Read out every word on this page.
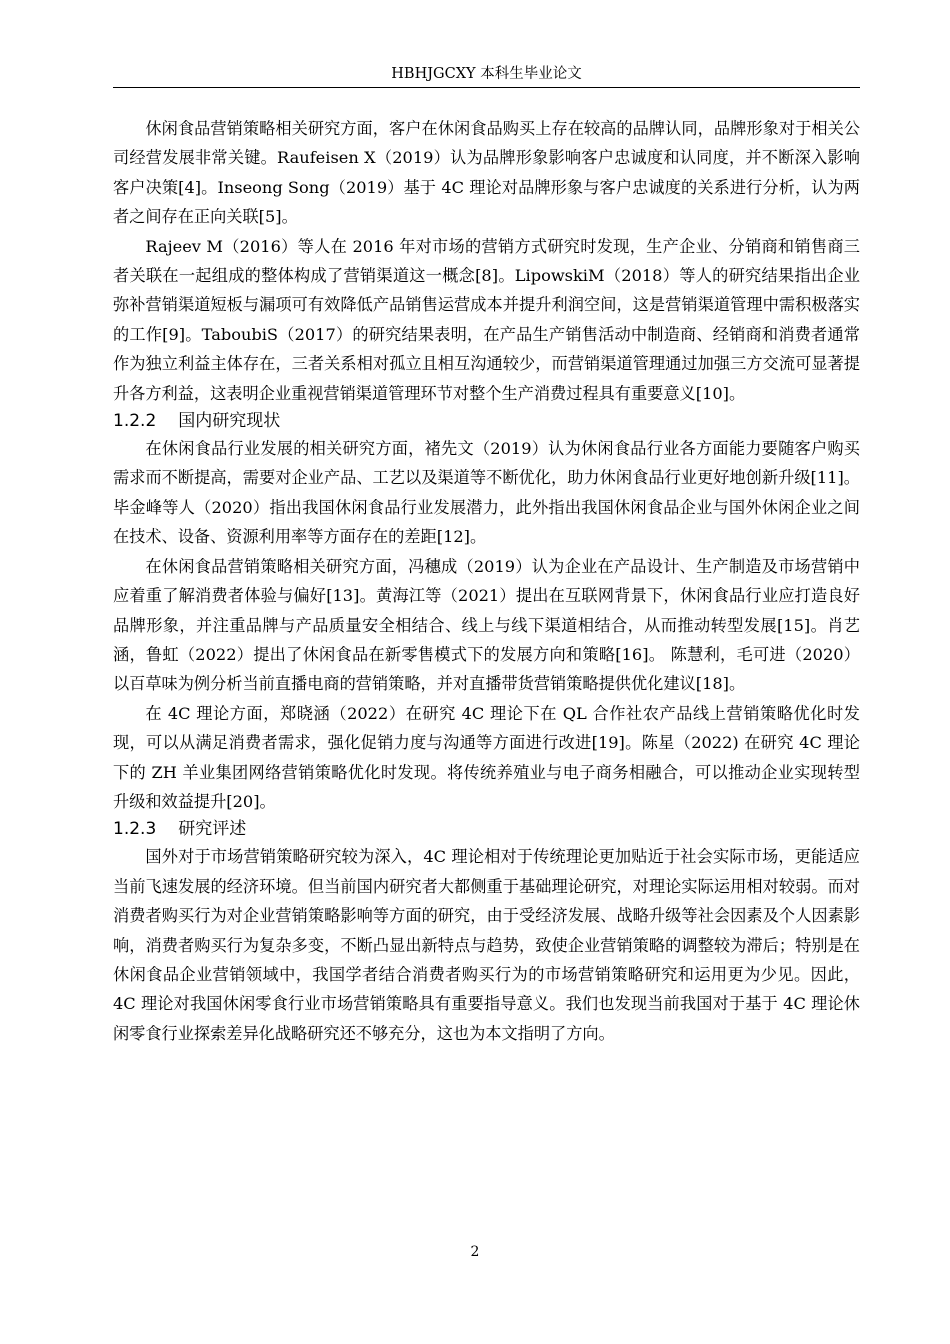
HBHJGCXY 本科生毕业论文

休闲食品营销策略相关研究方面，客户在休闲食品购买上存在较高的品牌认同，品牌形象对于相关公司经营发展非常关键。Raufeisen X（2019）认为品牌形象影响客户忠诚度和认同度，并不断深入影响客户决策[4]。Inseong Song（2019）基于 4C 理论对品牌形象与客户忠诚度的关系进行分析，认为两者之间存在正向关联[5]。

Rajeev M（2016）等人在 2016 年对市场的营销方式研究时发现，生产企业、分销商和销售商三者关联在一起组成的整体构成了营销渠道这一概念[8]。LipowskiM（2018）等人的研究结果指出企业弥补营销渠道短板与漏项可有效降低产品销售运营成本并提升利润空间，这是营销渠道管理中需积极落实的工作[9]。TaboubiS（2017）的研究结果表明，在产品生产销售活动中制造商、经销商和消费者通常作为独立利益主体存在，三者关系相对孤立且相互沟通较少，而营销渠道管理通过加强三方交流可显著提升各方利益，这表明企业重视营销渠道管理环节对整个生产消费过程具有重要意义[10]。

1.2.2 国内研究现状

在休闲食品行业发展的相关研究方面，褚先文（2019）认为休闲食品行业各方面能力要随客户购买需求而不断提高，需要对企业产品、工艺以及渠道等不断优化，助力休闲食品行业更好地创新升级[11]。毕金峰等人（2020）指出我国休闲食品行业发展潜力，此外指出我国休闲食品企业与国外休闲企业之间在技术、设备、资源利用率等方面存在的差距[12]。

在休闲食品营销策略相关研究方面，冯穗成（2019）认为企业在产品设计、生产制造及市场营销中应着重了解消费者体验与偏好[13]。黄海江等（2021）提出在互联网背景下，休闲食品行业应打造良好品牌形象，并注重品牌与产品质量安全相结合、线上与线下渠道相结合，从而推动转型发展[15]。肖艺涵，鲁虹（2022）提出了休闲食品在新零售模式下的发展方向和策略[16]。 陈慧利，毛可进（2020）以百草味为例分析当前直播电商的营销策略，并对直播带货营销策略提供优化建议[18]。

在 4C 理论方面，郑晓涵（2022）在研究 4C 理论下在 QL 合作社农产品线上营销策略优化时发现，可以从满足消费者需求，强化促销力度与沟通等方面进行改进[19]。陈星（2022) 在研究 4C 理论下的 ZH 羊业集团网络营销策略优化时发现。将传统养殖业与电子商务相融合，可以推动企业实现转型升级和效益提升[20]。

1.2.3 研究评述

国外对于市场营销策略研究较为深入，4C 理论相对于传统理论更加贴近于社会实际市场，更能适应当前飞速发展的经济环境。但当前国内研究者大都侧重于基础理论研究，对理论实际运用相对较弱。而对消费者购买行为对企业营销策略影响等方面的研究，由于受经济发展、战略升级等社会因素及个人因素影响，消费者购买行为复杂多变，不断凸显出新特点与趋势，致使企业营销策略的调整较为滞后；特别是在休闲食品企业营销领域中，我国学者结合消费者购买行为的市场营销策略研究和运用更为少见。因此，4C 理论对我国休闲零食行业市场营销策略具有重要指导意义。我们也发现当前我国对于基于 4C 理论休闲零食行业探索差异化战略研究还不够充分，这也为本文指明了方向。

2
